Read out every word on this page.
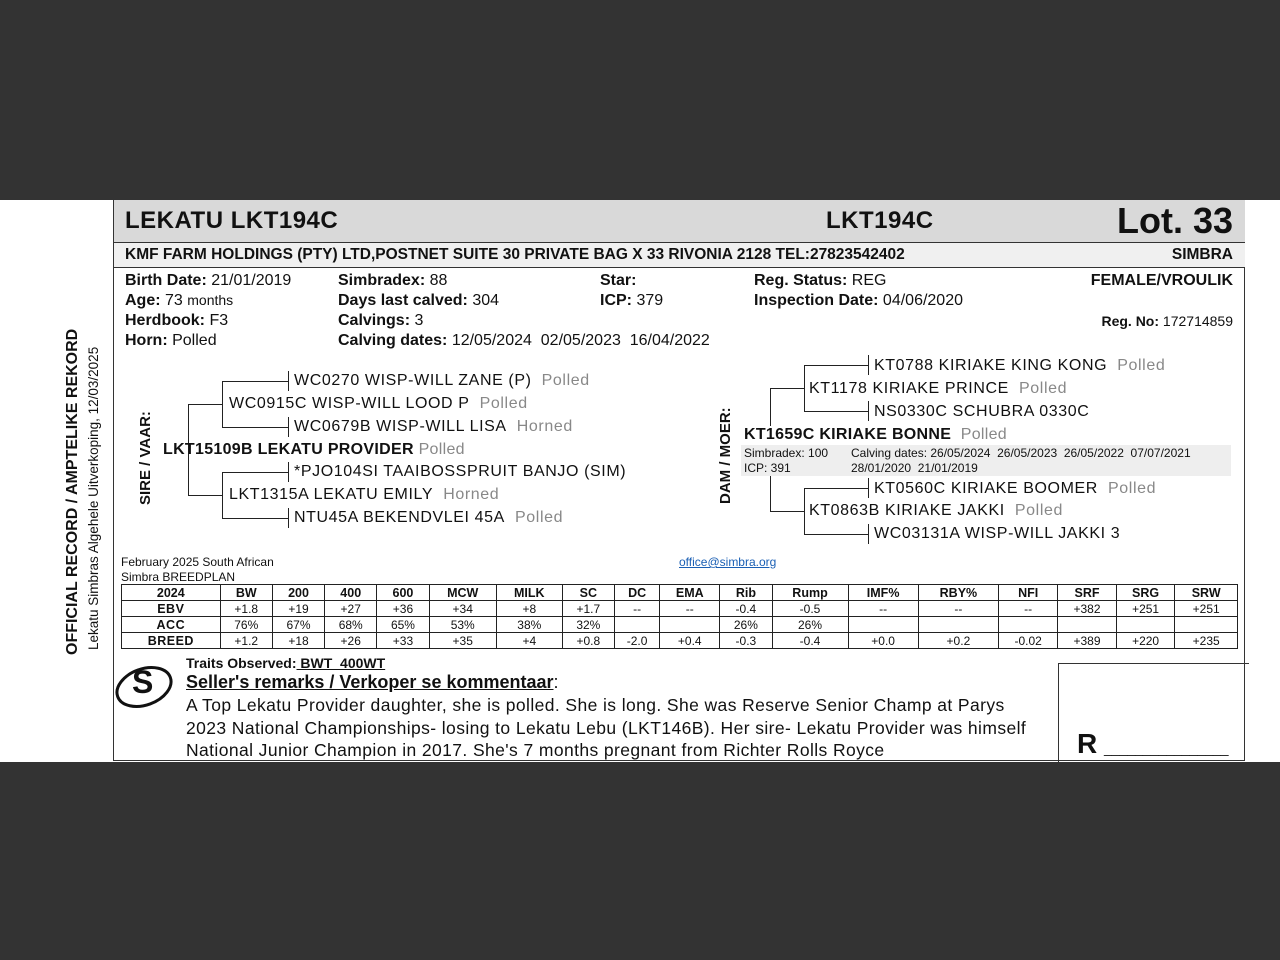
OFFICIAL RECORD / AMPTELIKE REKORD Lekatu Simbras Algehele Uitverkoping, 12/03/2025
LEKATU LKT194C	LKT194C	Lot. 33
KMF FARM HOLDINGS (PTY) LTD,POSTNET SUITE 30 PRIVATE BAG X 33 RIVONIA 2128 TEL:27823542402	SIMBRA
Birth Date: 21/01/2019
Age: 73 months
Herdbook: F3
Horn: Polled
Simbradex: 88
Days last calved: 304
Calvings: 3
Calving dates: 12/05/2024  02/05/2023  16/04/2022
Star:
ICP: 379
Reg. Status: REG
Inspection Date: 04/06/2020
FEMALE/VROULIK
Reg. No: 172714859
SIRE / VAAR:
WC0270 WISP-WILL ZANE (P) Polled
WC0915C WISP-WILL LOOD P Polled
WC0679B WISP-WILL LISA Horned
LKT15109B LEKATU PROVIDER Polled
*PJO104SI TAAIBOSSPRUIT BANJO (SIM)
LKT1315A LEKATU EMILY Horned
NTU45A BEKENDVLEI 45A Polled
DAM / MOER:
KT0788 KIRIAKE KING KONG Polled
KT1178 KIRIAKE PRINCE Polled
NS0330C SCHUBRA 0330C
KT1659C KIRIAKE BONNE Polled
Simbradex: 100
ICP: 391
Calving dates: 26/05/2024  26/05/2023  26/05/2022  07/07/2021
28/01/2020  21/01/2019
KT0560C KIRIAKE BOOMER Polled
KT0863B KIRIAKE JAKKI Polled
WC03131A WISP-WILL JAKKI 3
February 2025 South African
Simbra BREEDPLAN
office@simbra.org
2024	BW	200	400	600	MCW	MILK	SC	DC	EMA	Rib	Rump	IMF%	RBY%	NFI	SRF	SRG	SRW
EBV	+1.8	+19	+27	+36	+34	+8	+1.7	--	--	-0.4	-0.5	--	--	--	+382	+251	+251
ACC	76%	67%	68%	65%	53%	38%	32%			26%	26%						
BREED	+1.2	+18	+26	+33	+35	+4	+0.8	-2.0	+0.4	-0.3	-0.4	+0.0	+0.2	-0.02	+389	+220	+235
Traits Observed: BWT  400WT
S Seller's remarks / Verkoper se kommentaar:
A Top Lekatu Provider daughter, she is polled. She is long. She was Reserve Senior Champ at Parys 2023 National Championships- losing to Lekatu Lebu (LKT146B). Her sire- Lekatu Provider was himself National Junior Champion in 2017. She's 7 months pregnant from Richter Rolls Royce	R ________________
